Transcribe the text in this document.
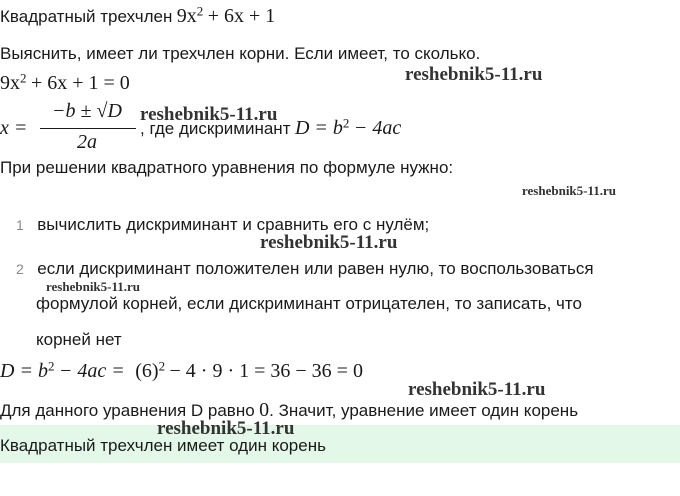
Квадратный трехчлен $9x^2 + 6x + 1$
Выяснить, имеет ли трехчлен корни. Если имеет, то сколько.
$9x^2 + 6x + 1 = 0$	reshebnik5-11.ru
x =
−b ± √D
2a
, где дискриминант $D = b^2 - 4ac$
reshebnik5-11.ru
При решении квадратного уравнения по формуле нужно:
reshebnik5-11.ru
1 вычислить дискриминант и сравнить его с нулём;
reshebnik5-11.ru
2 если дискриминант положителен или равен нулю, то воспользоваться
reshebnik5-11.ru
формулой корней, если дискриминант отрицателен, то записать, что
корней нет
$D = b^2 - 4ac = (6)^2 - 4 \cdot 9 \cdot 1 = 36 - 36 = 0$
reshebnik5-11.ru
Для данного уравнения D равно 0. Значит, уравнение имеет один корень
reshebnik5-11.ru
Квадратный трехчлен имеет один корень
